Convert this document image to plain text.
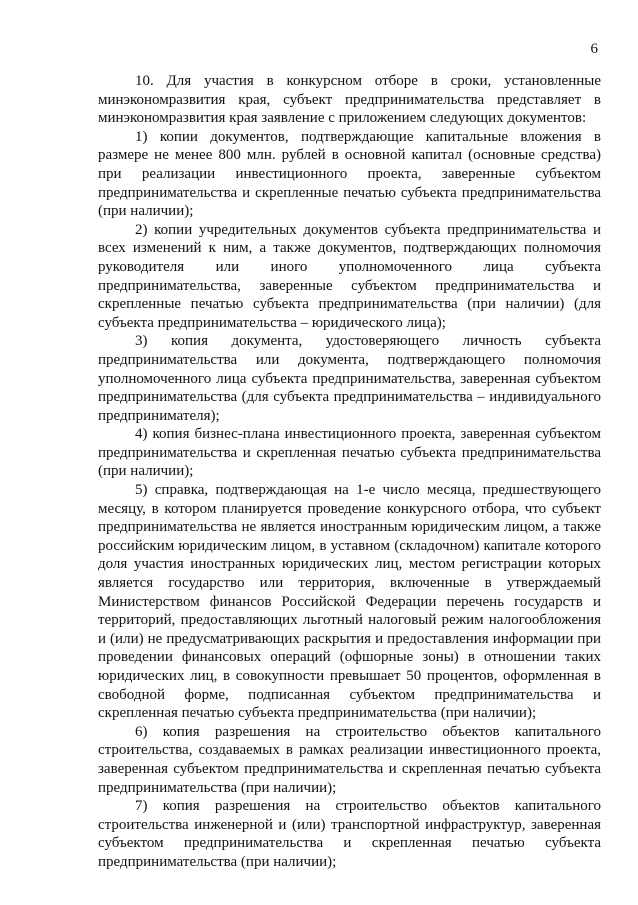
6

10. Для участия в конкурсном отборе в сроки, установленные минэкономразвития края, субъект предпринимательства представляет в минэкономразвития края заявление с приложением следующих документов:

1) копии документов, подтверждающие капитальные вложения в размере не менее 800 млн. рублей в основной капитал (основные средства) при реализации инвестиционного проекта, заверенные субъектом предпринимательства и скрепленные печатью субъекта предпринимательства (при наличии);

2) копии учредительных документов субъекта предпринимательства и всех изменений к ним, а также документов, подтверждающих полномочия руководителя или иного уполномоченного лица субъекта предпринимательства, заверенные субъектом предпринимательства и скрепленные печатью субъекта предпринимательства (при наличии) (для субъекта предпринимательства – юридического лица);

3) копия документа, удостоверяющего личность субъекта предпринимательства или документа, подтверждающего полномочия уполномоченного лица субъекта предпринимательства, заверенная субъектом предпринимательства (для субъекта предпринимательства – индивидуального предпринимателя);

4) копия бизнес-плана инвестиционного проекта, заверенная субъектом предпринимательства и скрепленная печатью субъекта предпринимательства (при наличии);

5) справка, подтверждающая на 1-е число месяца, предшествующего месяцу, в котором планируется проведение конкурсного отбора, что субъект предпринимательства не является иностранным юридическим лицом, а также российским юридическим лицом, в уставном (складочном) капитале которого доля участия иностранных юридических лиц, местом регистрации которых является государство или территория, включенные в утверждаемый Министерством финансов Российской Федерации перечень государств и территорий, предоставляющих льготный налоговый режим налогообложения и (или) не предусматривающих раскрытия и предоставления информации при проведении финансовых операций (офшорные зоны) в отношении таких юридических лиц, в совокупности превышает 50 процентов, оформленная в свободной форме, подписанная субъектом предпринимательства и скрепленная печатью субъекта предпринимательства (при наличии);

6) копия разрешения на строительство объектов капитального строительства, создаваемых в рамках реализации инвестиционного проекта, заверенная субъектом предпринимательства и скрепленная печатью субъекта предпринимательства (при наличии);

7) копия разрешения на строительство объектов капитального строительства инженерной и (или) транспортной инфраструктур, заверенная субъектом предпринимательства и скрепленная печатью субъекта предпринимательства (при наличии);
